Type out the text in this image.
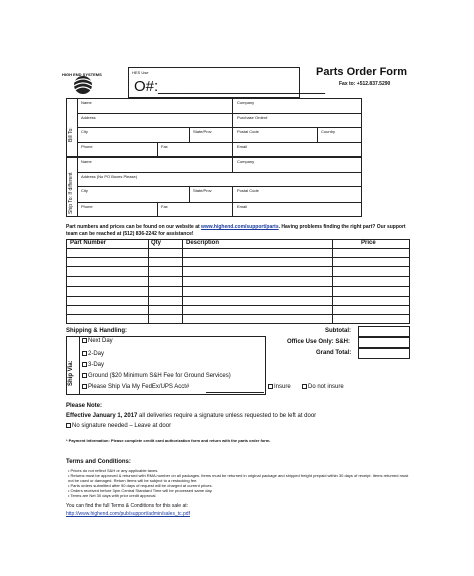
HIGH END SYSTEMS	HES Use
O#:____________________
Parts Order Form
Fax to: +512.837.5290
Bill To:
Ship To: If different
Name	Company
Address	Purchase Order#
City	State/Prov	Postal Code	Country
Phone	Fax	Email
Name	Company
Address (No PO Boxes Please)
City	State/Prov	Postal Code
Phone	Fax	Email
Part numbers and prices can be found on our website at www.highend.com/support/parts. Having problems finding the right part? Our support team can be reached at (512) 836-2242 for assistance!
Part Number	Qty	Description	Price
Shipping & Handling:	Subtotal:
Office Use Only: S&H:
Grand Total:
Ship Via:
Next Day
2-Day
3-Day
Ground ($20 Minimum S&H Fee for Ground Services)
Please Ship Via My FedEx/UPS Acct#	Insure	Do not insure
Please Note:
Effective January 1, 2017 all deliveries require a signature unless requested to be left at door
No signature needed – Leave at door
* Payment Information: Please complete credit card authorization form and return with the parts order form.
Terms and Conditions:
• Prices do not reflect S&H or any applicable taxes.
• Returns must be approved & returned with RMA number on all packages. Items must be returned in original package and shipped freight prepaid within 30 days of receipt. Items returned must not be used or damaged. Return Items will be subject to a restocking fee.
• Parts orders submitted after 90 days of request will be charged at current prices.
• Orders received before 3pm Central Standard Time will be processed same day.
• Terms are Net 30 days with prior credit approval.
You can find the full Terms & Conditions for this sale at:
http://www.highend.com/pub/support/admin/sales_tc.pdf
